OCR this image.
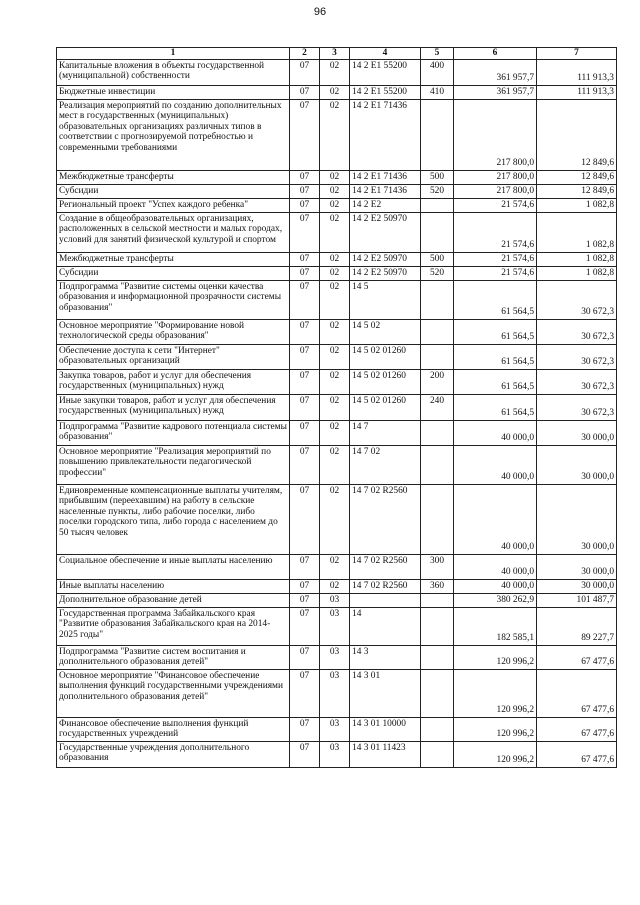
96
1	2	3	4	5	6	7
Капитальные вложения в объекты государственной (муниципальной) собственности	07	02	14 2 E1 55200	400	361 957,7	111 913,3
Бюджетные инвестиции	07	02	14 2 E1 55200	410	361 957,7	111 913,3
Реализация мероприятий по созданию дополнительных мест в государственных (муниципальных) образовательных организациях различных типов в соответствии с прогнозируемой потребностью и современными требованиями	07	02	14 2 E1 71436		217 800,0	12 849,6
Межбюджетные трансферты	07	02	14 2 E1 71436	500	217 800,0	12 849,6
Субсидии	07	02	14 2 E1 71436	520	217 800,0	12 849,6
Региональный проект "Успех каждого ребенка"	07	02	14 2 E2		21 574,6	1 082,8
Создание в общеобразовательных организациях, расположенных в сельской местности и малых городах, условий для занятий физической культурой и спортом	07	02	14 2 E2 50970		21 574,6	1 082,8
Межбюджетные трансферты	07	02	14 2 E2 50970	500	21 574,6	1 082,8
Субсидии	07	02	14 2 E2 50970	520	21 574,6	1 082,8
Подпрограмма "Развитие системы оценки качества образования и информационной прозрачности системы образования"	07	02	14 5		61 564,5	30 672,3
Основное мероприятие "Формирование новой технологической среды образования"	07	02	14 5 02		61 564,5	30 672,3
Обеспечение доступа к сети "Интернет" образовательных организаций	07	02	14 5 02 01260		61 564,5	30 672,3
Закупка товаров, работ и услуг для обеспечения государственных (муниципальных) нужд	07	02	14 5 02 01260	200	61 564,5	30 672,3
Иные закупки товаров, работ и услуг для обеспечения государственных (муниципальных) нужд	07	02	14 5 02 01260	240	61 564,5	30 672,3
Подпрограмма "Развитие кадрового потенциала системы образования"	07	02	14 7		40 000,0	30 000,0
Основное мероприятие "Реализация мероприятий по повышению привлекательности педагогической профессии"	07	02	14 7 02		40 000,0	30 000,0
Единовременные компенсационные выплаты учителям, прибывшим (переехавшим) на работу в сельские населенные пункты, либо рабочие поселки, либо поселки городского типа, либо города с населением до 50 тысяч человек	07	02	14 7 02 R2560		40 000,0	30 000,0
Социальное обеспечение и иные выплаты населению	07	02	14 7 02 R2560	300	40 000,0	30 000,0
Иные выплаты населению	07	02	14 7 02 R2560	360	40 000,0	30 000,0
Дополнительное образование детей	07	03			380 262,9	101 487,7
Государственная программа Забайкальского края "Развитие образования Забайкальского края на 2014-2025 годы"	07	03	14		182 585,1	89 227,7
Подпрограмма "Развитие систем воспитания и дополнительного образования детей"	07	03	14 3		120 996,2	67 477,6
Основное мероприятие "Финансовое обеспечение выполнения функций государственными учреждениями дополнительного образования детей"	07	03	14 3 01		120 996,2	67 477,6
Финансовое обеспечение выполнения функций государственных учреждений	07	03	14 3 01 10000		120 996,2	67 477,6
Государственные учреждения дополнительного образования	07	03	14 3 01 11423		120 996,2	67 477,6
